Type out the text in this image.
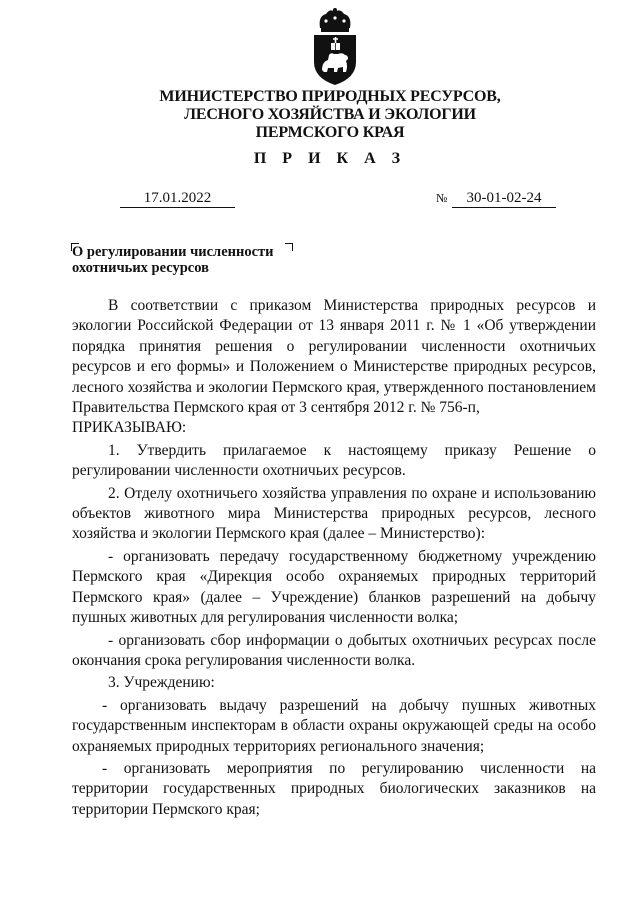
МИНИСТЕРСТВО ПРИРОДНЫХ РЕСУРСОВ,
ЛЕСНОГО ХОЗЯЙСТВА И ЭКОЛОГИИ
ПЕРМСКОГО КРАЯ
П Р И К А З
17.01.2022	№	30-01-02-24
О регулировании численности
охотничьих ресурсов
В соответствии с приказом Министерства природных ресурсов и экологии Российской Федерации от 13 января 2011 г. № 1 «Об утверждении порядка принятия решения о регулировании численности охотничьих ресурсов и его формы» и Положением о Министерстве природных ресурсов, лесного хозяйства и экологии Пермского края, утвержденного постановлением Правительства Пермского края от 3 сентября 2012 г. № 756-п,
ПРИКАЗЫВАЮ:
1. Утвердить прилагаемое к настоящему приказу Решение о регулировании численности охотничьих ресурсов.
2. Отделу охотничьего хозяйства управления по охране и использованию объектов животного мира Министерства природных ресурсов, лесного хозяйства и экологии Пермского края (далее – Министерство):
- организовать передачу государственному бюджетному учреждению Пермского края «Дирекция особо охраняемых природных территорий Пермского края» (далее – Учреждение) бланков разрешений на добычу пушных животных для регулирования численности волка;
- организовать сбор информации о добытых охотничьих ресурсах после окончания срока регулирования численности волка.
3. Учреждению:
- организовать выдачу разрешений на добычу пушных животных государственным инспекторам в области охраны окружающей среды на особо охраняемых природных территориях регионального значения;
- организовать мероприятия по регулированию численности на территории государственных природных биологических заказников на территории Пермского края;
